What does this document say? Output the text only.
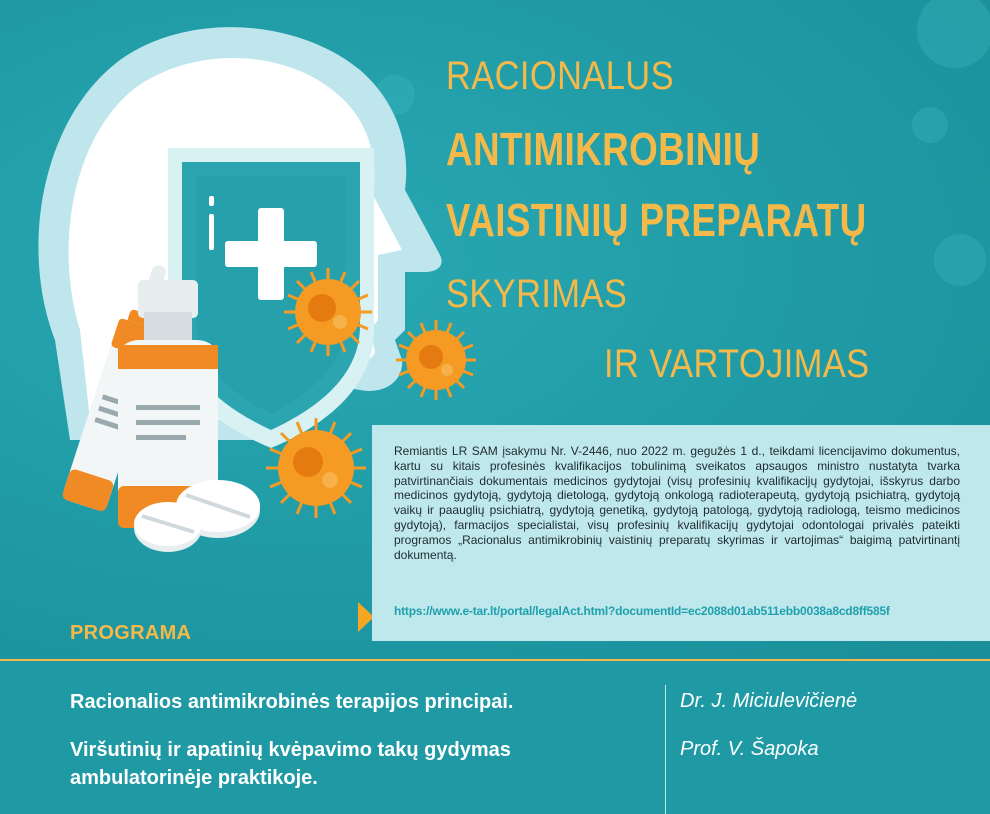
RACIONALUS
ANTIMIKROBINIŲ
VAISTINIŲ PREPARATŲ
SKYRIMAS
IR VARTOJIMAS

Remiantis LR SAM įsakymu Nr. V-2446, nuo 2022 m. gegužės 1 d., teikdami licencijavimo dokumentus, kartu su kitais profesinės kvalifikacijos tobulinimą sveikatos apsaugos ministro nustatyta tvarka patvirtinančiais dokumentais medicinos gydytojai (visų profesinių kvalifikacijų gydytojai, išskyrus darbo medicinos gydytoją, gydytoją dietologą, gydytoją onkologą radioterapeutą, gydytoją psichiatrą, gydytoją vaikų ir paauglių psichiatrą, gydytoją genetiką, gydytoją patologą, gydytoją radiologą, teismo medicinos gydytoją), farmacijos specialistai, visų profesinių kvalifikacijų gydytojai odontologai privalės pateikti programos „Racionalus antimikrobinių vaistinių preparatų skyrimas ir vartojimas“ baigimą patvirtinantį dokumentą.

https://www.e-tar.lt/portal/legalAct.html?documentId=ec2088d01ab511ebb0038a8cd8ff585f
PROGRAMA
Racionalios antimikrobinės terapijos principai.
Viršutinių ir apatinių kvėpavimo takų gydymas ambulatorinėje praktikoje.
Dr. J. Miciulevičienė
Prof. V. Šapoka
